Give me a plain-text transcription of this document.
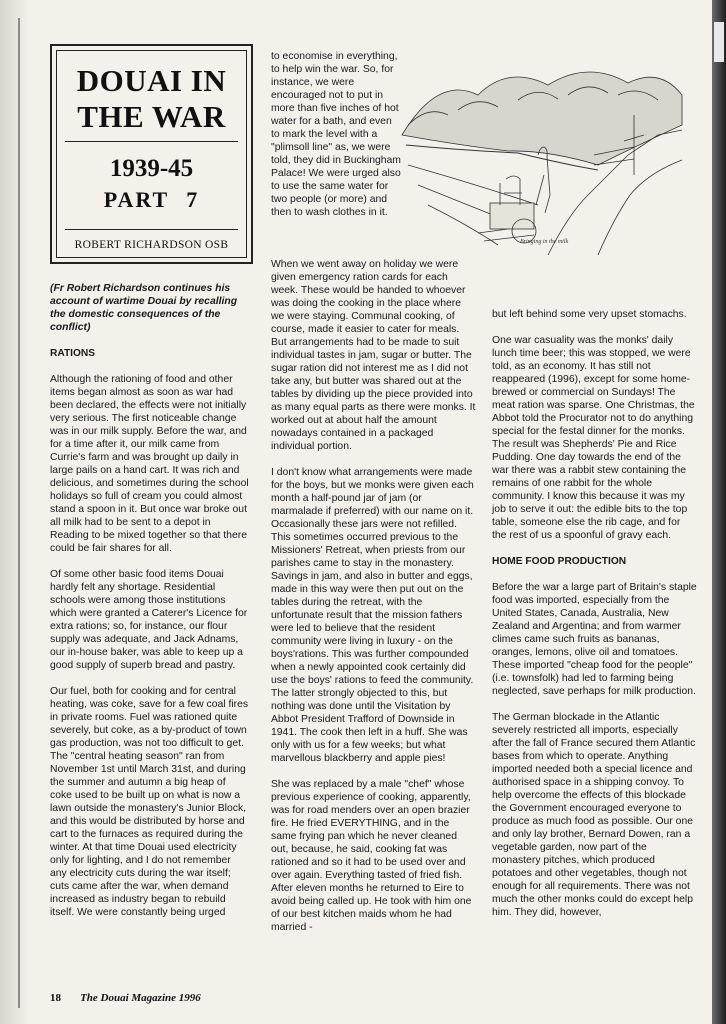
DOUAI IN
THE WAR
1939-45
PART 7
ROBERT RICHARDSON OSB

(Fr Robert Richardson continues his account of wartime Douai by recalling the domestic consequences of the conflict)

RATIONS

Although the rationing of food and other items began almost as soon as war had been declared, the effects were not initially very serious. The first noticeable change was in our milk supply. Before the war, and for a time after it, our milk came from Currie's farm and was brought up daily in large pails on a hand cart. It was rich and delicious, and sometimes during the school holidays so full of cream you could almost stand a spoon in it. But once war broke out all milk had to be sent to a depot in Reading to be mixed together so that there could be fair shares for all.

Of some other basic food items Douai hardly felt any shortage. Residential schools were among those institutions which were granted a Caterer's Licence for extra rations; so, for instance, our flour supply was adequate, and Jack Adnams, our in-house baker, was able to keep up a good supply of superb bread and pastry.

Our fuel, both for cooking and for central heating, was coke, save for a few coal fires in private rooms. Fuel was rationed quite severely, but coke, as a by-product of town gas production, was not too difficult to get. The "central heating season" ran from November 1st until March 31st, and during the summer and autumn a big heap of coke used to be built up on what is now a lawn outside the monastery's Junior Block, and this would be distributed by horse and cart to the furnaces as required during the winter. At that time Douai used electricity only for lighting, and I do not remember any electricity cuts during the war itself; cuts came after the war, when demand increased as industry began to rebuild itself. We were constantly being urged

to economise in everything, to help win the war. So, for instance, we were encouraged not to put in more than five inches of hot water for a bath, and even to mark the level with a "plimsoll line" as, we were told, they did in Buckingham Palace! We were urged also to use the same water for two people (or more) and then to wash clothes in it.

Bringing in the milk

When we went away on holiday we were given emergency ration cards for each week. These would be handed to whoever was doing the cooking in the place where we were staying. Communal cooking, of course, made it easier to cater for meals. But arrangements had to be made to suit individual tastes in jam, sugar or butter. The sugar ration did not interest me as I did not take any, but butter was shared out at the tables by dividing up the piece provided into as many equal parts as there were monks. It worked out at about half the amount nowadays contained in a packaged individual portion.

I don't know what arrangements were made for the boys, but we monks were given each month a half-pound jar of jam (or marmalade if preferred) with our name on it. Occasionally these jars were not refilled. This sometimes occurred previous to the Missioners' Retreat, when priests from our parishes came to stay in the monastery. Savings in jam, and also in butter and eggs, made in this way were then put out on the tables during the retreat, with the unfortunate result that the mission fathers were led to believe that the resident community were living in luxury - on the boys'rations. This was further compounded when a newly appointed cook certainly did use the boys' rations to feed the community. The latter strongly objected to this, but nothing was done until the Visitation by Abbot President Trafford of Downside in 1941. The cook then left in a huff. She was only with us for a few weeks; but what marvellous blackberry and apple pies!

She was replaced by a male "chef" whose previous experience of cooking, apparently, was for road menders over an open brazier fire. He fried EVERYTHING, and in the same frying pan which he never cleaned out, because, he said, cooking fat was rationed and so it had to be used over and over again. Everything tasted of fried fish. After eleven months he returned to Eire to avoid being called up. He took with him one of our best kitchen maids whom he had married -

but left behind some very upset stomachs.

One war casuality was the monks' daily lunch time beer; this was stopped, we were told, as an economy. It has still not reappeared (1996), except for some home-brewed or commercial on Sundays! The meat ration was sparse. One Christmas, the Abbot told the Procurator not to do anything special for the festal dinner for the monks. The result was Shepherds' Pie and Rice Pudding. One day towards the end of the war there was a rabbit stew containing the remains of one rabbit for the whole community. I know this because it was my job to serve it out: the edible bits to the top table, someone else the rib cage, and for the rest of us a spoonful of gravy each.

HOME FOOD PRODUCTION

Before the war a large part of Britain's staple food was imported, especially from the United States, Canada, Australia, New Zealand and Argentina; and from warmer climes came such fruits as bananas, oranges, lemons, olive oil and tomatoes. These imported "cheap food for the people" (i.e. townsfolk) had led to farming being neglected, save perhaps for milk production.

The German blockade in the Atlantic severely restricted all imports, especially after the fall of France secured them Atlantic bases from which to operate. Anything imported needed both a special licence and authorised space in a shipping convoy. To help overcome the effects of this blockade the Government encouraged everyone to produce as much food as possible. Our one and only lay brother, Bernard Dowen, ran a vegetable garden, now part of the monastery pitches, which produced potatoes and other vegetables, though not enough for all requirements. There was not much the other monks could do except help him. They did, however,

18 The Douai Magazine 1996
